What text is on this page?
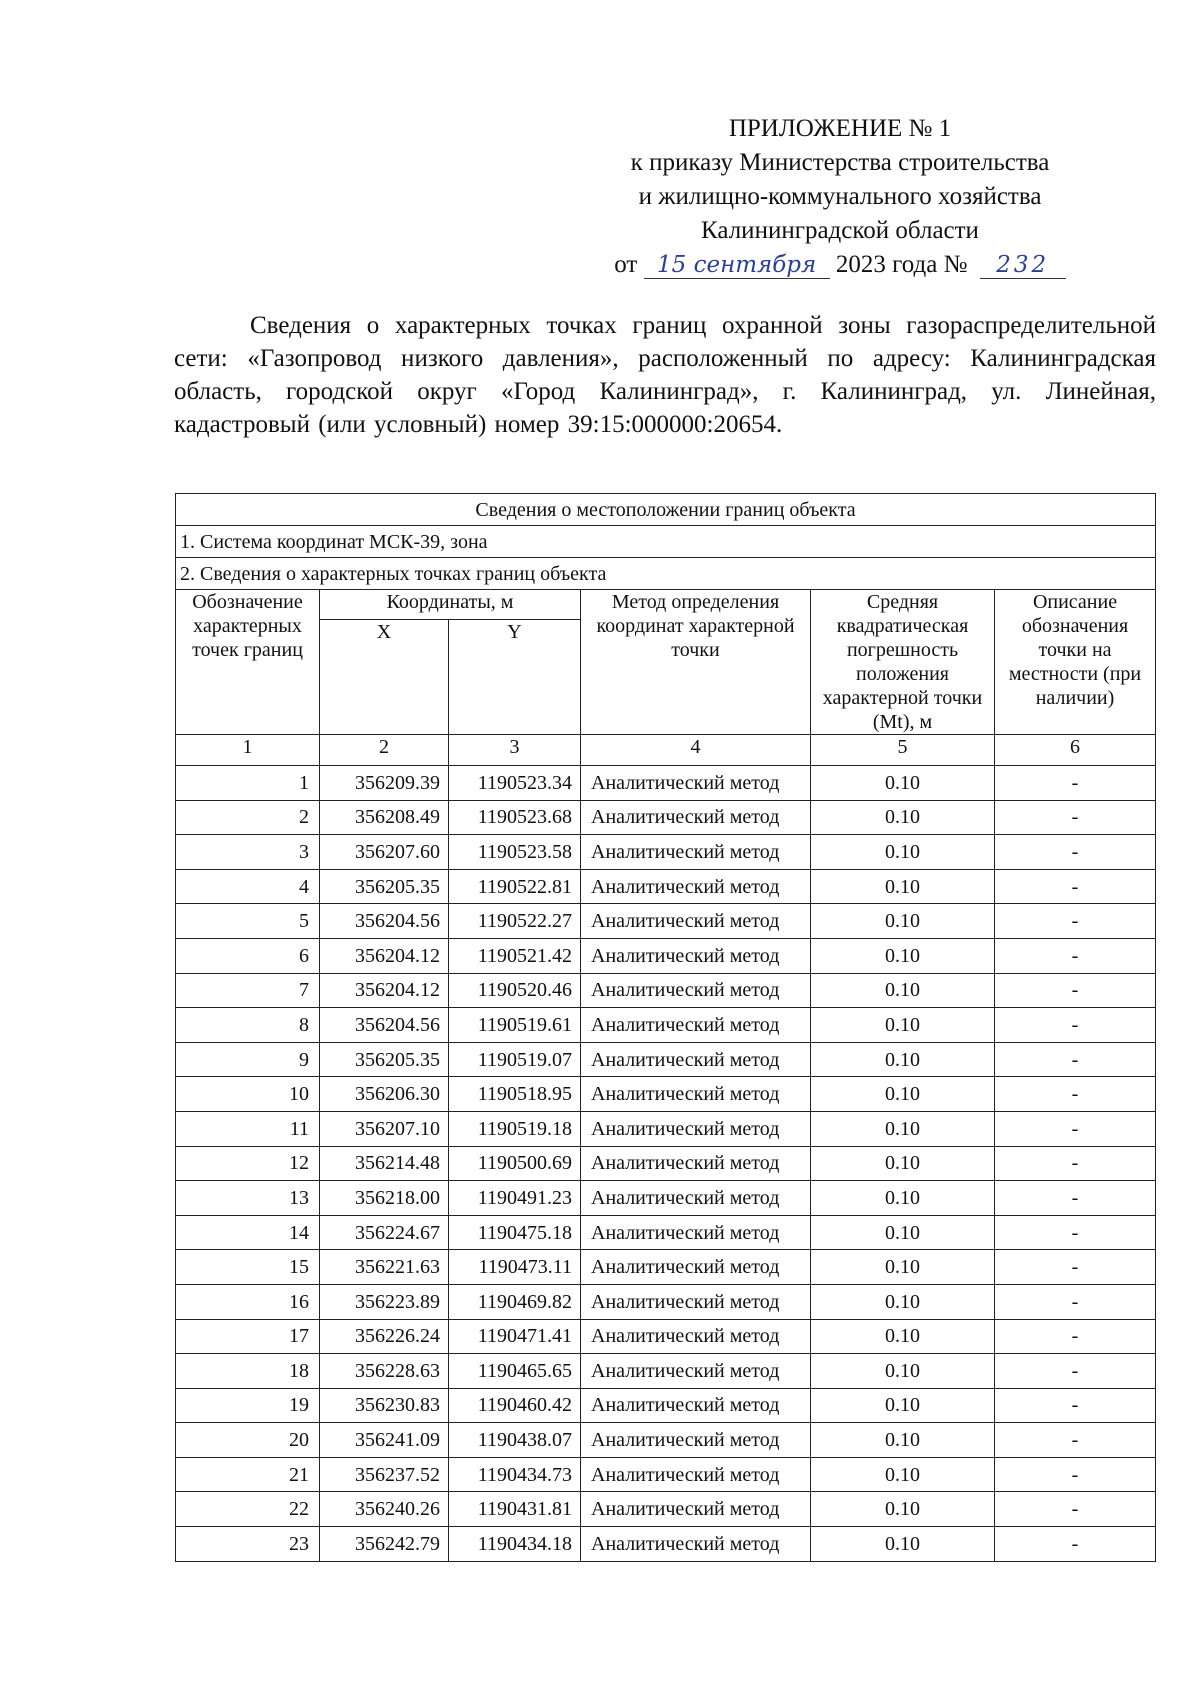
ПРИЛОЖЕНИЕ № 1
к приказу Министерства строительства
и жилищно-коммунального хозяйства
Калининградской области
от 15 сентября 2023 года № 232
Сведения о характерных точках границ охранной зоны газораспределительной сети: «Газопровод низкого давления», расположенный по адресу: Калининградская область, городской округ «Город Калининград», г. Калининград, ул. Линейная, кадастровый (или условный) номер 39:15:000000:20654.
Сведения о местоположении границ объекта					
1. Система координат МСК-39, зона					
2. Сведения о характерных точках границ объекта					
Обозначение характерных точек границ	Координаты, м		Метод определения координат характерной точки	Средняя квадратическая погрешность положения характерной точки (Mt), м	Описание обозначения точки на местности (при наличии)
	X	Y			
1	2	3	4	5	6
1	356209.39	1190523.34	Аналитический метод	0.10	-
2	356208.49	1190523.68	Аналитический метод	0.10	-
3	356207.60	1190523.58	Аналитический метод	0.10	-
4	356205.35	1190522.81	Аналитический метод	0.10	-
5	356204.56	1190522.27	Аналитический метод	0.10	-
6	356204.12	1190521.42	Аналитический метод	0.10	-
7	356204.12	1190520.46	Аналитический метод	0.10	-
8	356204.56	1190519.61	Аналитический метод	0.10	-
9	356205.35	1190519.07	Аналитический метод	0.10	-
10	356206.30	1190518.95	Аналитический метод	0.10	-
11	356207.10	1190519.18	Аналитический метод	0.10	-
12	356214.48	1190500.69	Аналитический метод	0.10	-
13	356218.00	1190491.23	Аналитический метод	0.10	-
14	356224.67	1190475.18	Аналитический метод	0.10	-
15	356221.63	1190473.11	Аналитический метод	0.10	-
16	356223.89	1190469.82	Аналитический метод	0.10	-
17	356226.24	1190471.41	Аналитический метод	0.10	-
18	356228.63	1190465.65	Аналитический метод	0.10	-
19	356230.83	1190460.42	Аналитический метод	0.10	-
20	356241.09	1190438.07	Аналитический метод	0.10	-
21	356237.52	1190434.73	Аналитический метод	0.10	-
22	356240.26	1190431.81	Аналитический метод	0.10	-
23	356242.79	1190434.18	Аналитический метод	0.10	-
